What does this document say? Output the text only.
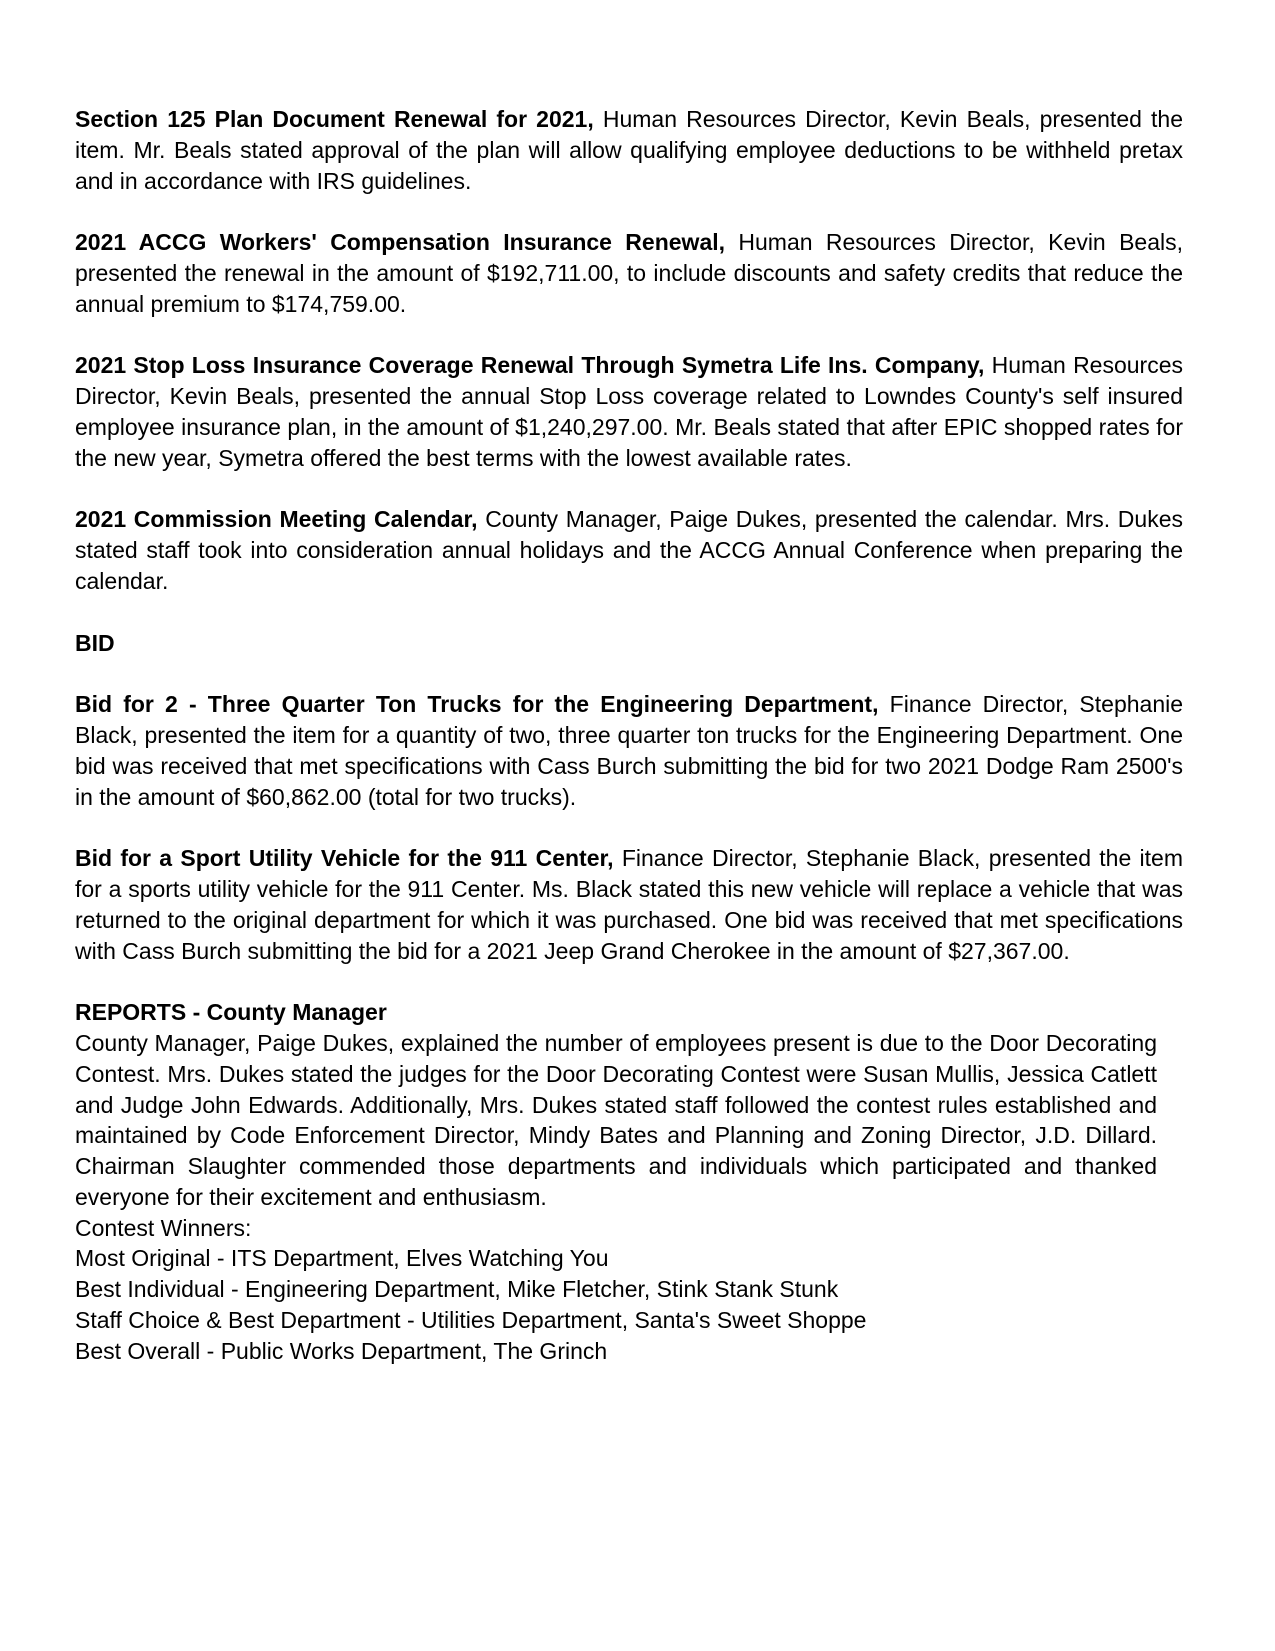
Section 125 Plan Document Renewal for 2021, Human Resources Director, Kevin Beals, presented the item. Mr. Beals stated approval of the plan will allow qualifying employee deductions to be withheld pretax and in accordance with IRS guidelines.

2021 ACCG Workers' Compensation Insurance Renewal, Human Resources Director, Kevin Beals, presented the renewal in the amount of $192,711.00, to include discounts and safety credits that reduce the annual premium to $174,759.00.

2021 Stop Loss Insurance Coverage Renewal Through Symetra Life Ins. Company, Human Resources Director, Kevin Beals, presented the annual Stop Loss coverage related to Lowndes County's self insured employee insurance plan, in the amount of $1,240,297.00. Mr. Beals stated that after EPIC shopped rates for the new year, Symetra offered the best terms with the lowest available rates.

2021 Commission Meeting Calendar, County Manager, Paige Dukes, presented the calendar. Mrs. Dukes stated staff took into consideration annual holidays and the ACCG Annual Conference when preparing the calendar.

BID

Bid for 2 - Three Quarter Ton Trucks for the Engineering Department, Finance Director, Stephanie Black, presented the item for a quantity of two, three quarter ton trucks for the Engineering Department. One bid was received that met specifications with Cass Burch submitting the bid for two 2021 Dodge Ram 2500's in the amount of $60,862.00 (total for two trucks).

Bid for a Sport Utility Vehicle for the 911 Center, Finance Director, Stephanie Black, presented the item for a sports utility vehicle for the 911 Center. Ms. Black stated this new vehicle will replace a vehicle that was returned to the original department for which it was purchased. One bid was received that met specifications with Cass Burch submitting the bid for a 2021 Jeep Grand Cherokee in the amount of $27,367.00.

REPORTS - County Manager

County Manager, Paige Dukes, explained the number of employees present is due to the Door Decorating Contest. Mrs. Dukes stated the judges for the Door Decorating Contest were Susan Mullis, Jessica Catlett and Judge John Edwards. Additionally, Mrs. Dukes stated staff followed the contest rules established and maintained by Code Enforcement Director, Mindy Bates and Planning and Zoning Director, J.D. Dillard. Chairman Slaughter commended those departments and individuals which participated and thanked everyone for their excitement and enthusiasm.

Contest Winners:

Most Original - ITS Department, Elves Watching You

Best Individual - Engineering Department, Mike Fletcher, Stink Stank Stunk

Staff Choice & Best Department - Utilities Department, Santa's Sweet Shoppe

Best Overall - Public Works Department, The Grinch
